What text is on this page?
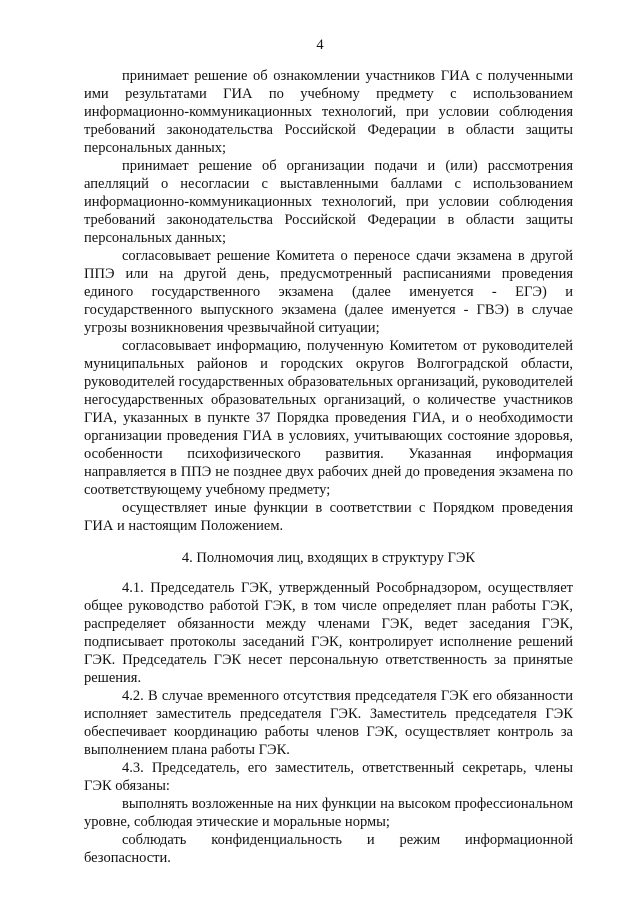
4

принимает решение об ознакомлении участников ГИА с полученными ими результатами ГИА по учебному предмету с использованием информационно-коммуникационных технологий, при условии соблюдения требований законодательства Российской Федерации в области защиты персональных данных;

принимает решение об организации подачи и (или) рассмотрения апелляций о несогласии с выставленными баллами с использованием информационно-коммуникационных технологий, при условии соблюдения требований законодательства Российской Федерации в области защиты персональных данных;

согласовывает решение Комитета о переносе сдачи экзамена в другой ППЭ или на другой день, предусмотренный расписаниями проведения единого государственного экзамена (далее именуется - ЕГЭ) и государственного выпускного экзамена (далее именуется - ГВЭ) в случае угрозы возникновения чрезвычайной ситуации;

согласовывает информацию, полученную Комитетом от руководителей муниципальных районов и городских округов Волгоградской области, руководителей государственных образовательных организаций, руководителей негосударственных образовательных организаций, о количестве участников ГИА, указанных в пункте 37 Порядка проведения ГИА, и о необходимости организации проведения ГИА в условиях, учитывающих состояние здоровья, особенности психофизического развития. Указанная информация направляется в ППЭ не позднее двух рабочих дней до проведения экзамена по соответствующему учебному предмету;

осуществляет иные функции в соответствии с Порядком проведения ГИА и настоящим Положением.

4. Полномочия лиц, входящих в структуру ГЭК

4.1. Председатель ГЭК, утвержденный Рособрнадзором, осуществляет общее руководство работой ГЭК, в том числе определяет план работы ГЭК, распределяет обязанности между членами ГЭК, ведет заседания ГЭК, подписывает протоколы заседаний ГЭК, контролирует исполнение решений ГЭК. Председатель ГЭК несет персональную ответственность за принятые решения.

4.2. В случае временного отсутствия председателя ГЭК его обязанности исполняет заместитель председателя ГЭК. Заместитель председателя ГЭК обеспечивает координацию работы членов ГЭК, осуществляет контроль за выполнением плана работы ГЭК.

4.3. Председатель, его заместитель, ответственный секретарь, члены ГЭК обязаны:

выполнять возложенные на них функции на высоком профессиональном уровне, соблюдая этические и моральные нормы;

соблюдать конфиденциальность и режим информационной безопасности.
